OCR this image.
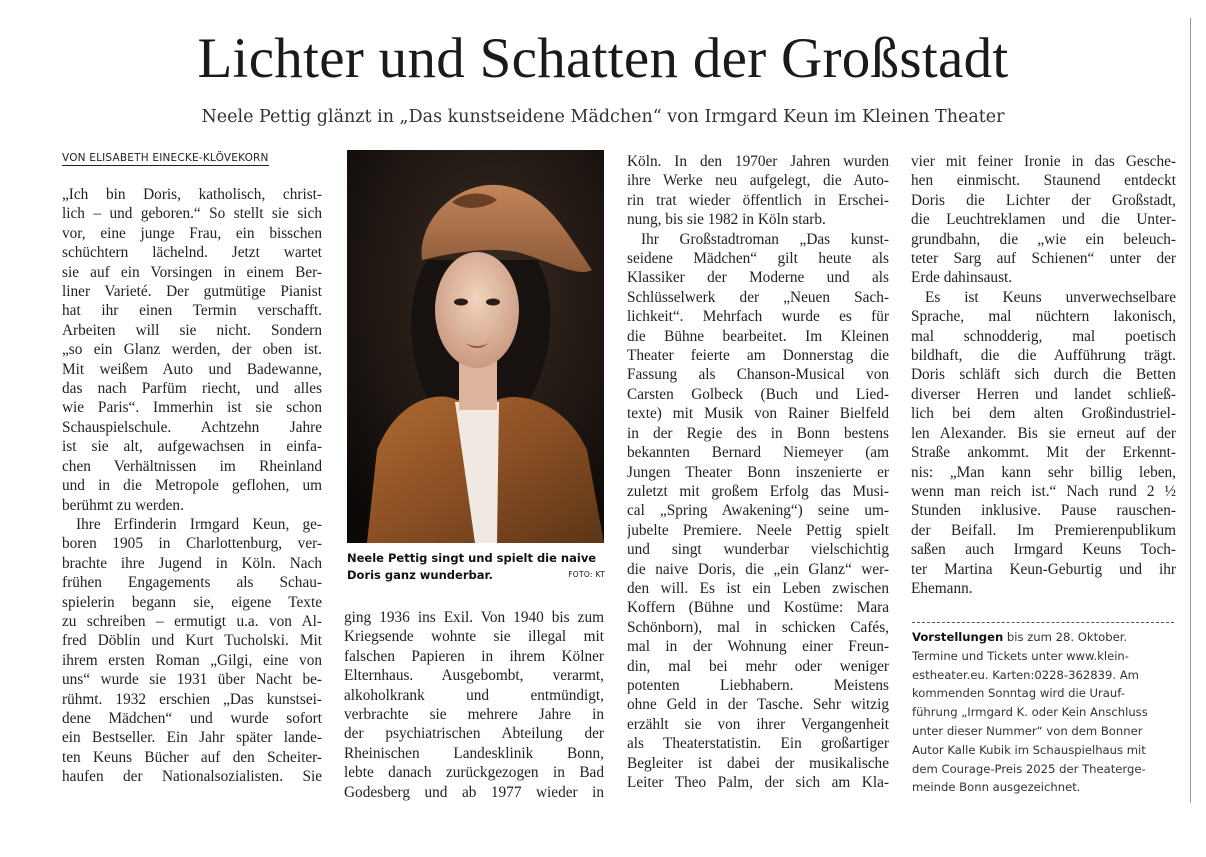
Lichter und Schatten der Großstadt
Neele Pettig glänzt in „Das kunstseidene Mädchen“ von Irmgard Keun im Kleinen Theater
VON ELISABETH EINECKE-KLÖVEKORN

„Ich bin Doris, katholisch, christ-
lich – und geboren.“ So stellt sie sich
vor, eine junge Frau, ein bisschen
schüchtern lächelnd. Jetzt wartet
sie auf ein Vorsingen in einem Ber-
liner Varieté. Der gutmütige Pianist
hat ihr einen Termin verschafft.
Arbeiten will sie nicht. Sondern
„so ein Glanz werden, der oben ist.
Mit weißem Auto und Badewanne,
das nach Parfüm riecht, und alles
wie Paris“. Immerhin ist sie schon
Schauspielschule. Achtzehn Jahre
ist sie alt, aufgewachsen in einfa-
chen Verhältnissen im Rheinland
und in die Metropole geflohen, um
berühmt zu werden.

Ihre Erfinderin Irmgard Keun, ge-
boren 1905 in Charlottenburg, ver-
brachte ihre Jugend in Köln. Nach
frühen Engagements als Schau-
spielerin begann sie, eigene Texte
zu schreiben – ermutigt u.a. von Al-
fred Döblin und Kurt Tucholski. Mit
ihrem ersten Roman „Gilgi, eine von
uns“ wurde sie 1931 über Nacht be-
rühmt. 1932 erschien „Das kunstsei-
dene Mädchen“ und wurde sofort
ein Bestseller. Ein Jahr später lande-
ten Keuns Bücher auf den Scheiter-
haufen der Nationalsozialisten. Sie

Neele Pettig singt und spielt die naive Doris ganz wunderbar.	FOTO: KT

ging 1936 ins Exil. Von 1940 bis zum
Kriegsende wohnte sie illegal mit
falschen Papieren in ihrem Kölner
Elternhaus. Ausgebombt, verarmt,
alkoholkrank und entmündigt,
verbrachte sie mehrere Jahre in
der psychiatrischen Abteilung der
Rheinischen Landesklinik Bonn,
lebte danach zurückgezogen in Bad
Godesberg und ab 1977 wieder in

Köln. In den 1970er Jahren wurden
ihre Werke neu aufgelegt, die Auto-
rin trat wieder öffentlich in Erschei-
nung, bis sie 1982 in Köln starb.

Ihr Großstadtroman „Das kunst-
seidene Mädchen“ gilt heute als
Klassiker der Moderne und als
Schlüsselwerk der „Neuen Sach-
lichkeit“. Mehrfach wurde es für
die Bühne bearbeitet. Im Kleinen
Theater feierte am Donnerstag die
Fassung als Chanson-Musical von
Carsten Golbeck (Buch und Lied-
texte) mit Musik von Rainer Bielfeld
in der Regie des in Bonn bestens
bekannten Bernard Niemeyer (am
Jungen Theater Bonn inszenierte er
zuletzt mit großem Erfolg das Musi-
cal „Spring Awakening“) seine um-
jubelte Premiere. Neele Pettig spielt
und singt wunderbar vielschichtig
die naive Doris, die „ein Glanz“ wer-
den will. Es ist ein Leben zwischen
Koffern (Bühne und Kostüme: Mara
Schönborn), mal in schicken Cafés,
mal in der Wohnung einer Freun-
din, mal bei mehr oder weniger
potenten Liebhabern. Meistens
ohne Geld in der Tasche. Sehr witzig
erzählt sie von ihrer Vergangenheit
als Theaterstatistin. Ein großartiger
Begleiter ist dabei der musikalische
Leiter Theo Palm, der sich am Kla-

vier mit feiner Ironie in das Gesche-
hen einmischt. Staunend entdeckt
Doris die Lichter der Großstadt,
die Leuchtreklamen und die Unter-
grundbahn, die „wie ein beleuch-
teter Sarg auf Schienen“ unter der
Erde dahinsaust.

Es ist Keuns unverwechselbare
Sprache, mal nüchtern lakonisch,
mal schnodderig, mal poetisch
bildhaft, die die Aufführung trägt.
Doris schläft sich durch die Betten
diverser Herren und landet schließ-
lich bei dem alten Großindustriel-
len Alexander. Bis sie erneut auf der
Straße ankommt. Mit der Erkennt-
nis: „Man kann sehr billig leben,
wenn man reich ist.“ Nach rund 2 ½
Stunden inklusive. Pause rauschen-
der Beifall. Im Premierenpublikum
saßen auch Irmgard Keuns Toch-
ter Martina Keun-Geburtig und ihr
Ehemann.

Vorstellungen bis zum 28. Oktober.
Termine und Tickets unter www.klein-
estheater.eu. Karten:0228-362839. Am
kommenden Sonntag wird die Urauf-
führung „Irmgard K. oder Kein Anschluss
unter dieser Nummer“ von dem Bonner
Autor Kalle Kubik im Schauspielhaus mit
dem Courage-Preis 2025 der Theaterge-
meinde Bonn ausgezeichnet.
